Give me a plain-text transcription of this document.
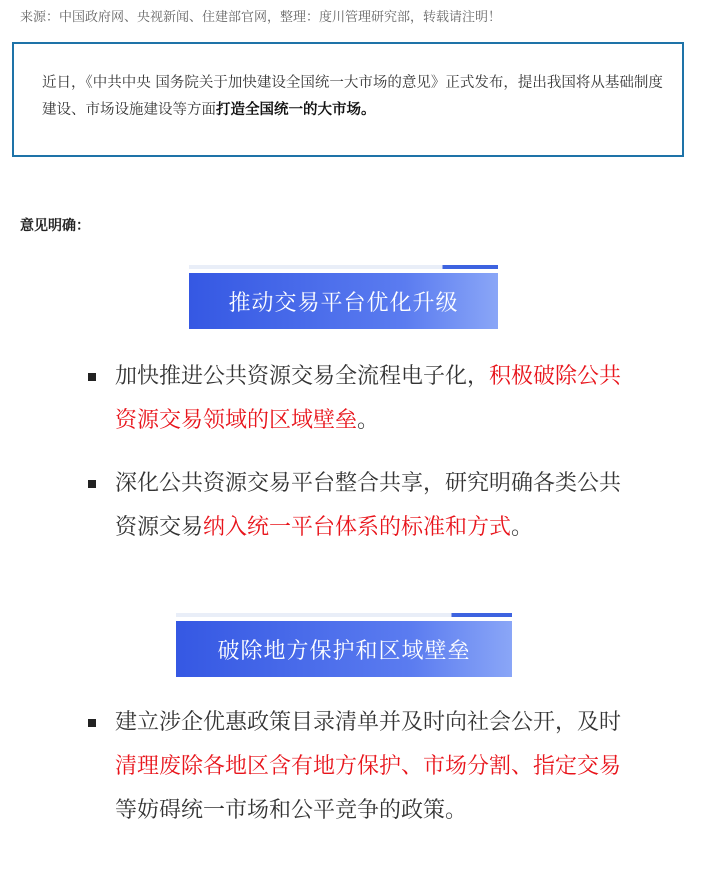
来源：中国政府网、央视新闻、住建部官网，整理：度川管理研究部，转载请注明！
近日，《中共中央 国务院关于加快建设全国统一大市场的意见》正式发布，提出我国将从基础制度建设、市场设施建设等方面打造全国统一的大市场。
意见明确：
推动交易平台优化升级
加快推进公共资源交易全流程电子化，积极破除公共资源交易领域的区域壁垒。
深化公共资源交易平台整合共享，研究明确各类公共资源交易纳入统一平台体系的标准和方式。
破除地方保护和区域壁垒
建立涉企优惠政策目录清单并及时向社会公开，及时清理废除各地区含有地方保护、市场分割、指定交易等妨碍统一市场和公平竞争的政策。
